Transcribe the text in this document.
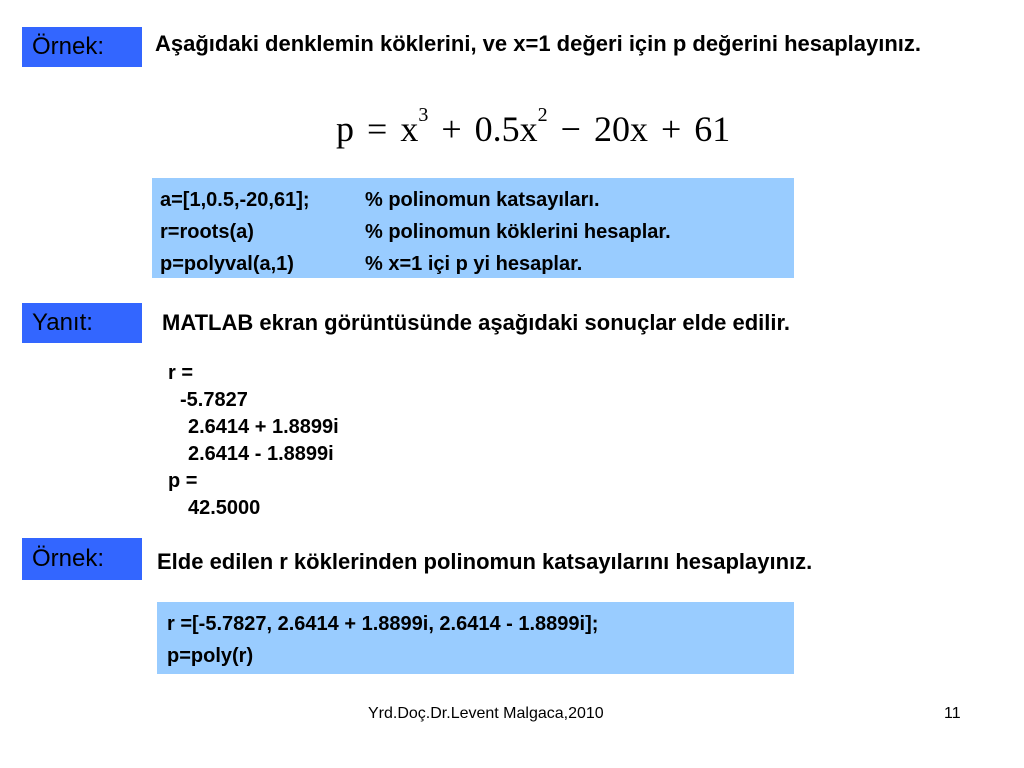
Örnek:	Aşağıdaki denklemin köklerini, ve x=1 değeri için p değerini hesaplayınız.
$p = x^3 + 0.5x^2 - 20x + 61$
a=[1,0.5,-20,61];	% polinomun katsayıları.
r=roots(a)	% polinomun köklerini hesaplar.
p=polyval(a,1)	% x=1 içi p yi hesaplar.
Yanıt:	MATLAB ekran görüntüsünde aşağıdaki sonuçlar elde edilir.
r =
-5.7827
2.6414 + 1.8899i
2.6414 - 1.8899i
p =
42.5000
Örnek:	Elde edilen r köklerinden polinomun katsayılarını hesaplayınız.
r =[-5.7827, 2.6414 + 1.8899i, 2.6414 - 1.8899i];
p=poly(r)
Yrd.Doç.Dr.Levent Malgaca,2010	11
